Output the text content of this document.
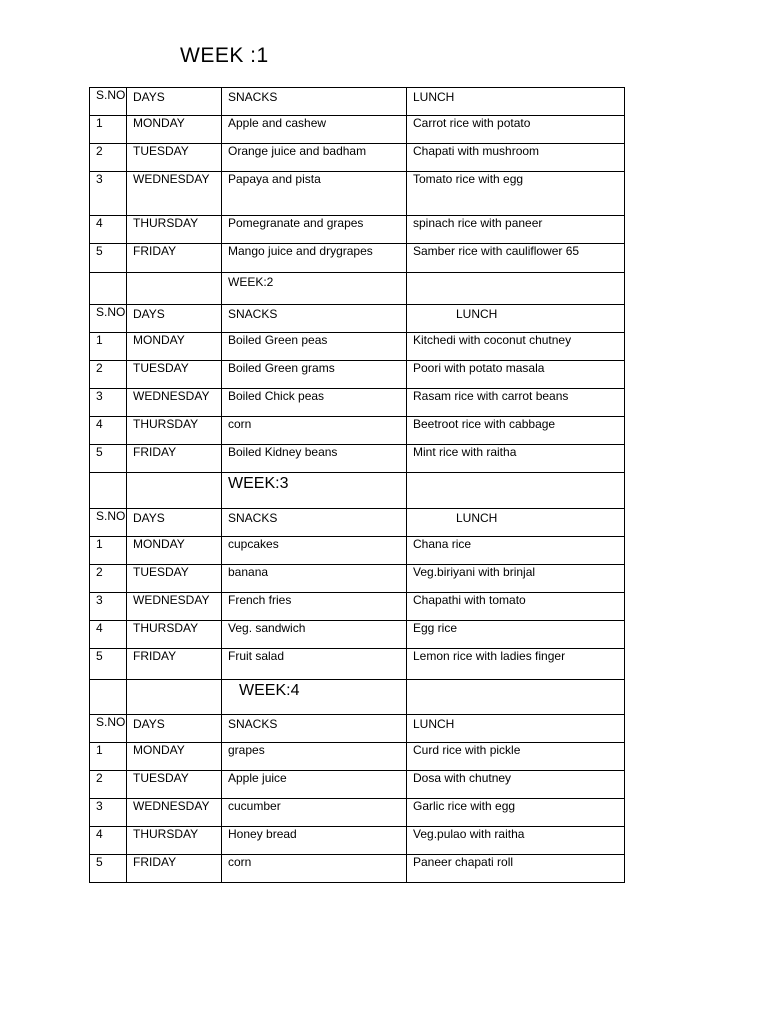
WEEK :1
S.NO	DAYS	SNACKS	LUNCH
1	MONDAY	Apple and cashew	Carrot rice with potato
2	TUESDAY	Orange juice and badham	Chapati with mushroom
3	WEDNESDAY	Papaya and pista	Tomato rice with egg
4	THURSDAY	Pomegranate and grapes	spinach rice with paneer
5	FRIDAY	Mango juice and drygrapes	Samber rice with cauliflower 65
		WEEK:2	
S.NO	DAYS	SNACKS	LUNCH
1	MONDAY	Boiled Green peas	Kitchedi with coconut chutney
2	TUESDAY	Boiled Green grams	Poori with potato masala
3	WEDNESDAY	Boiled Chick peas	Rasam rice with carrot beans
4	THURSDAY	corn	Beetroot rice with cabbage
5	FRIDAY	Boiled Kidney beans	Mint rice with raitha
		WEEK:3	
S.NO	DAYS	SNACKS	LUNCH
1	MONDAY	cupcakes	Chana rice
2	TUESDAY	banana	Veg.biriyani with brinjal
3	WEDNESDAY	French fries	Chapathi with tomato
4	THURSDAY	Veg. sandwich	Egg rice
5	FRIDAY	Fruit salad	Lemon rice with ladies finger
		WEEK:4	
S.NO	DAYS	SNACKS	LUNCH
1	MONDAY	grapes	Curd rice with pickle
2	TUESDAY	Apple juice	Dosa with chutney
3	WEDNESDAY	cucumber	Garlic rice with egg
4	THURSDAY	Honey bread	Veg.pulao with raitha
5	FRIDAY	corn	Paneer chapati roll
